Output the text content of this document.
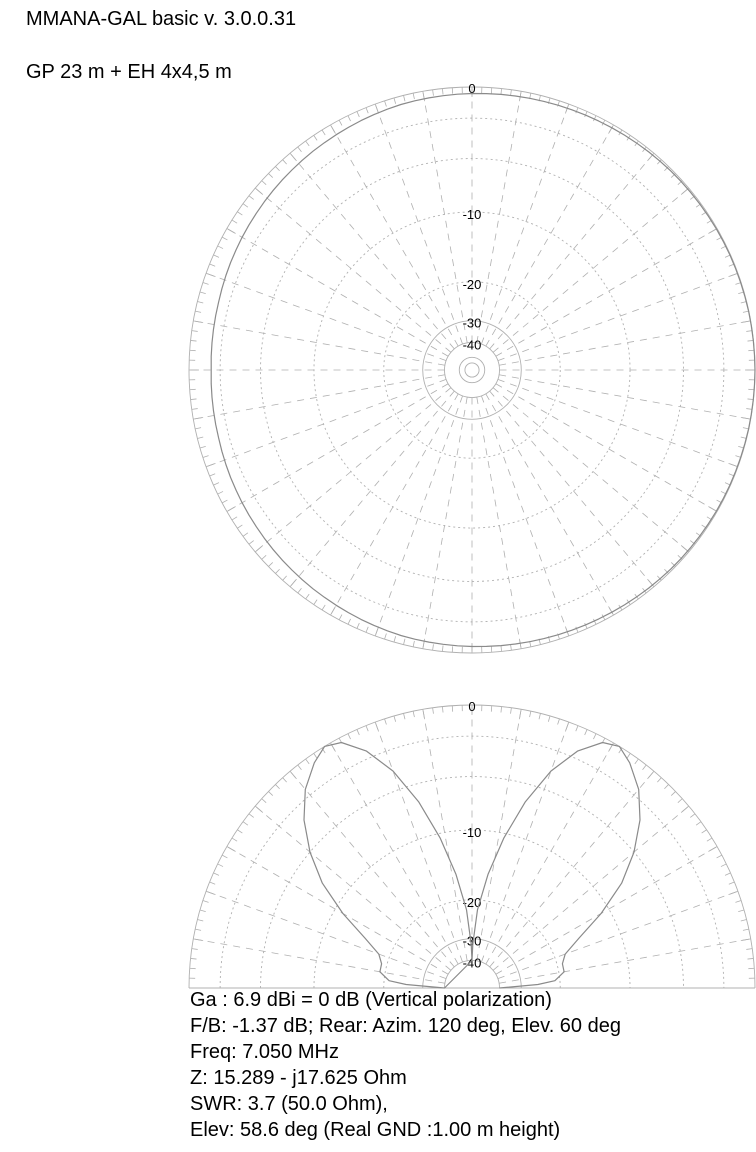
MMANA-GAL basic v. 3.0.0.31
GP 23 m + EH 4x4,5 m
0
-10
-20
-30
-40
0
-10
-20
-30
-40
Ga : 6.9 dBi = 0 dB (Vertical polarization)
F/B: -1.37 dB; Rear: Azim. 120 deg, Elev. 60 deg
Freq: 7.050 MHz
Z: 15.289 - j17.625 Ohm
SWR: 3.7 (50.0 Ohm),
Elev: 58.6 deg (Real GND :1.00 m height)
